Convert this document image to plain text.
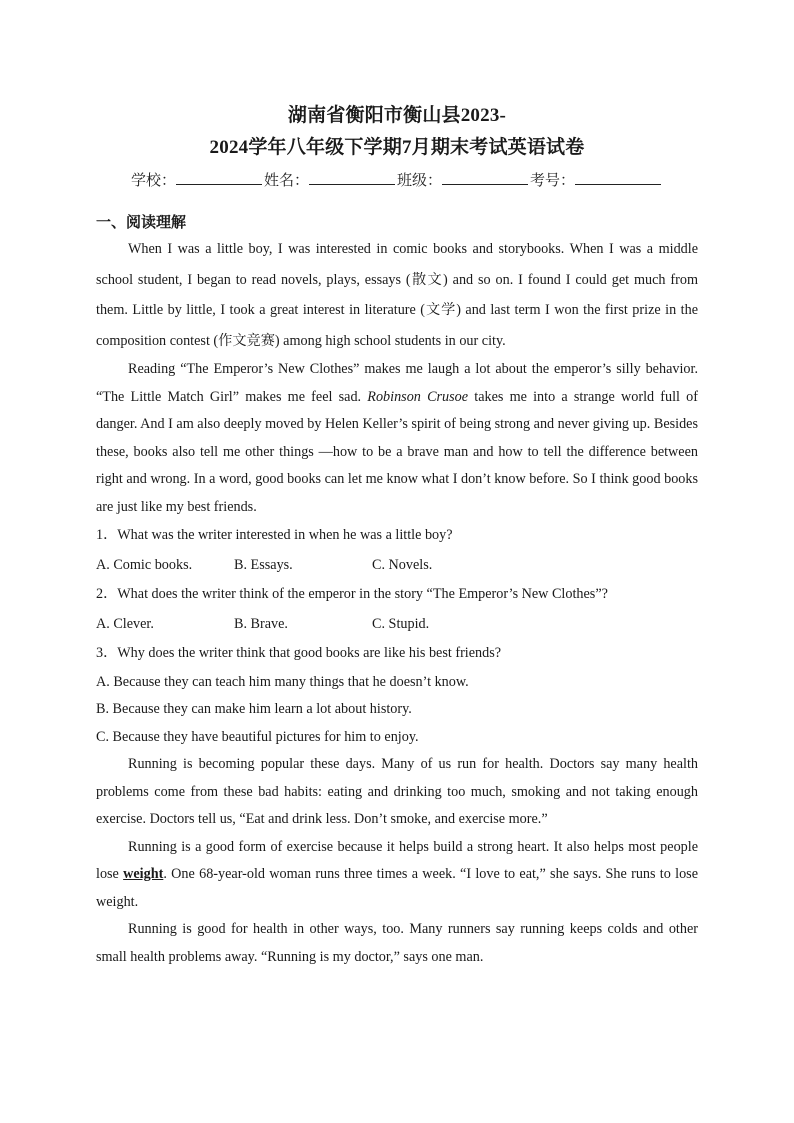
湖南省衡阳市衡山县2023-
2024学年八年级下学期7月期末考试英语试卷
学校：	姓名：	班级：	考号：
一、阅读理解

When I was a little boy, I was interested in comic books and storybooks. When I was a middle school student, I began to read novels, plays, essays (散文) and so on. I found I could get much from them. Little by little, I took a great interest in literature (文学) and last term I won the first prize in the composition contest (作文竞赛) among high school students in our city.

Reading “The Emperor’s New Clothes” makes me laugh a lot about the emperor’s silly behavior. “The Little Match Girl” makes me feel sad. Robinson Crusoe takes me into a strange world full of danger. And I am also deeply moved by Helen Keller’s spirit of being strong and never giving up. Besides these, books also tell me other things —how to be a brave man and how to tell the difference between right and wrong. In a word, good books can let me know what I don’t know before. So I think good books are just like my best friends.

1．What was the writer interested in when he was a little boy?

A. Comic books.	B. Essays.	C. Novels.

2．What does the writer think of the emperor in the story “The Emperor’s New Clothes”?

A. Clever.	B. Brave.	C. Stupid.

3．Why does the writer think that good books are like his best friends?

A. Because they can teach him many things that he doesn’t know.

B. Because they can make him learn a lot about history.

C. Because they have beautiful pictures for him to enjoy.

Running is becoming popular these days. Many of us run for health. Doctors say many health problems come from these bad habits: eating and drinking too much, smoking and not taking enough exercise. Doctors tell us, “Eat and drink less. Don’t smoke, and exercise more.”

Running is a good form of exercise because it helps build a strong heart. It also helps most people lose weight. One 68-year-old woman runs three times a week. “I love to eat,” she says. She runs to lose weight.

Running is good for health in other ways, too. Many runners say running keeps colds and other small health problems away. “Running is my doctor,” says one man.
